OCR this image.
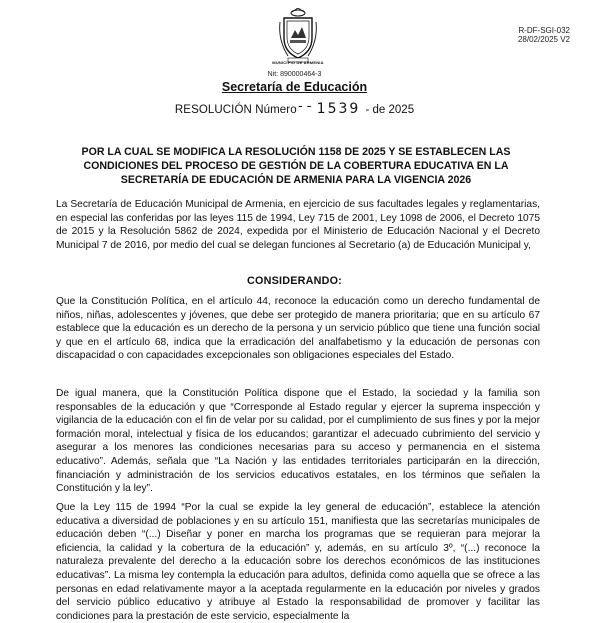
MUNICIPIO DE ARMENIA
R-DF-SGI-032
28/02/2025 V2
Nit: 890000464-3
Secretaría de Educación
RESOLUCIÓN Número - - 1539 - de 2025
POR LA CUAL SE MODIFICA LA RESOLUCIÓN 1158 DE 2025 Y SE ESTABLECEN LAS CONDICIONES DEL PROCESO DE GESTIÓN DE LA COBERTURA EDUCATIVA EN LA SECRETARÍA DE EDUCACIÓN DE ARMENIA PARA LA VIGENCIA 2026

La Secretaría de Educación Municipal de Armenia, en ejercicio de sus facultades legales y reglamentarias, en especial las conferidas por las leyes 115 de 1994, Ley 715 de 2001, Ley 1098 de 2006, el Decreto 1075 de 2015 y la Resolución 5862 de 2024, expedida por el Ministerio de Educación Nacional y el Decreto Municipal 7 de 2016, por medio del cual se delegan funciones al Secretario (a) de Educación Municipal y,

CONSIDERANDO:

Que la Constitución Política, en el artículo 44, reconoce la educación como un derecho fundamental de niños, niñas, adolescentes y jóvenes, que debe ser protegido de manera prioritaria; que en su artículo 67 establece que la educación es un derecho de la persona y un servicio público que tiene una función social y que en el artículo 68, indica que la erradicación del analfabetismo y la educación de personas con discapacidad o con capacidades excepcionales son obligaciones especiales del Estado.

De igual manera, que la Constitución Política dispone que el Estado, la sociedad y la familia son responsables de la educación y que “Corresponde al Estado regular y ejercer la suprema inspección y vigilancia de la educación con el fin de velar por su calidad, por el cumplimiento de sus fines y por la mejor formación moral, intelectual y física de los educandos; garantizar el adecuado cubrimiento del servicio y asegurar a los menores las condiciones necesarias para su acceso y permanencia en el sistema educativo”. Además, señala que “La Nación y las entidades territoriales participarán en la dirección, financiación y administración de los servicios educativos estatales, en los términos que señalen la Constitución y la ley”.

Que la Ley 115 de 1994 “Por la cual se expide la ley general de educación”, establece la atención educativa a diversidad de poblaciones y en su artículo 151, manifiesta que las secretarías municipales de educación deben “(...) Diseñar y poner en marcha los programas que se requieran para mejorar la eficiencia, la calidad y la cobertura de la educación” y, además, en su artículo 3º, “(...) reconoce la naturaleza prevalente del derecho a la educación sobre los derechos económicos de las instituciones educativas”. La misma ley contempla la educación para adultos, definida como aquella que se ofrece a las personas en edad relativamente mayor a la aceptada regularmente en la educación por niveles y grados del servicio público educativo y atribuye al Estado la responsabilidad de promover y facilitar las condiciones para la prestación de este servicio, especialmente la
